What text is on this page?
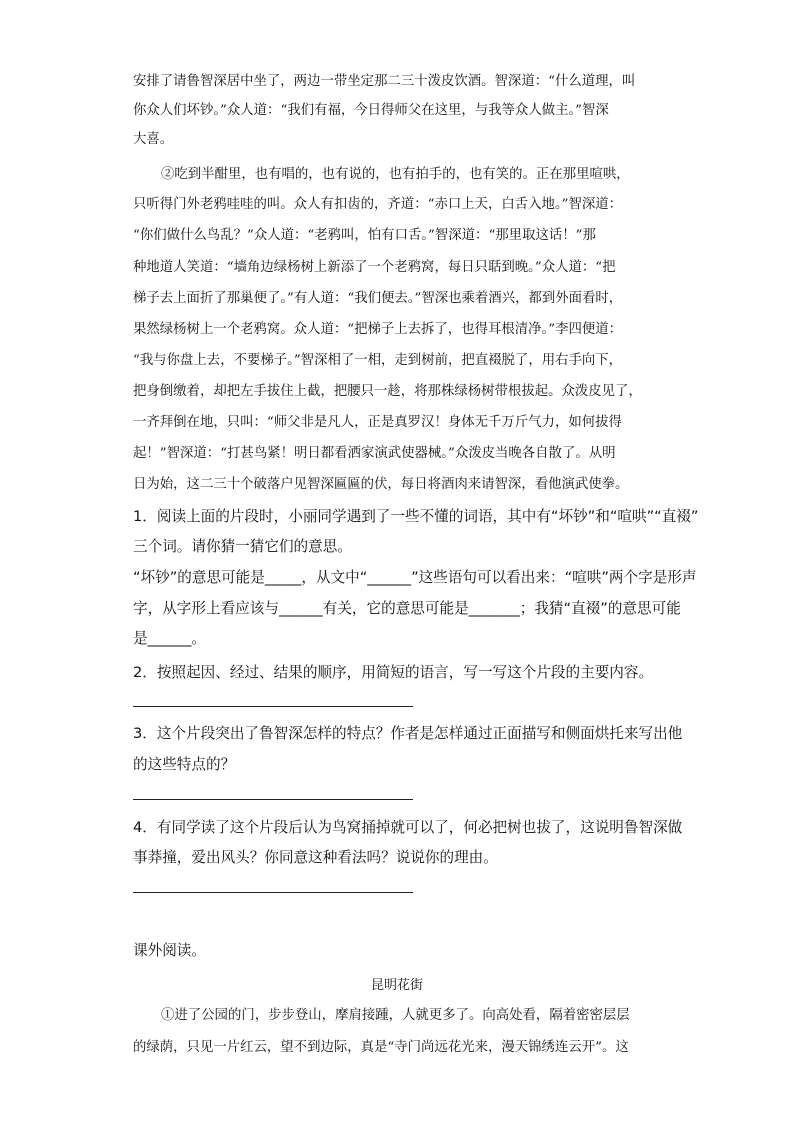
安排了请鲁智深居中坐了，两边一带坐定那二三十泼皮饮酒。智深道：“什么道理，叫
你众人们坏钞。”众人道：“我们有福，今日得师父在这里，与我等众人做主。”智深
大喜。
②吃到半酣里，也有唱的，也有说的，也有拍手的，也有笑的。正在那里喧哄，
只听得门外老鸦哇哇的叫。众人有扣齿的，齐道：“赤口上天，白舌入地。”智深道：
“你们做什么鸟乱？”众人道：“老鸦叫，怕有口舌。”智深道：“那里取这话！”那
种地道人笑道：“墙角边绿杨树上新添了一个老鸦窝，每日只聒到晚。”众人道：“把
梯子去上面折了那巢便了。”有人道：“我们便去。”智深也乘着酒兴，都到外面看时，
果然绿杨树上一个老鸦窝。众人道：“把梯子上去拆了，也得耳根清净。”李四便道：
“我与你盘上去，不要梯子。”智深相了一相，走到树前，把直裰脱了，用右手向下，
把身倒缴着，却把左手拔住上截，把腰只一趁，将那株绿杨树带根拔起。众泼皮见了，
一齐拜倒在地，只叫：“师父非是凡人，正是真罗汉！身体无千万斤气力，如何拔得
起！”智深道：“打甚鸟紧！明日都看洒家演武使器械。”众泼皮当晚各自散了。从明
日为始，这二三十个破落户见智深匾匾的伏，每日将酒肉来请智深，看他演武使拳。
1．阅读上面的片段时，小丽同学遇到了一些不懂的词语，其中有“坏钞”和“喧哄”“直裰”
三个词。请你猜一猜它们的意思。
“坏钞”的意思可能是_____，从文中“______”这些语句可以看出来：“喧哄”两个字是形声
字，从字形上看应该与______有关，它的意思可能是_______；我猜“直裰”的意思可能
是______。
2．按照起因、经过、结果的顺序，用简短的语言，写一写这个片段的主要内容。
3．这个片段突出了鲁智深怎样的特点？作者是怎样通过正面描写和侧面烘托来写出他
的这些特点的？
4．有同学读了这个片段后认为鸟窝捅掉就可以了，何必把树也拔了，这说明鲁智深做
事莽撞，爱出风头？你同意这种看法吗？说说你的理由。
课外阅读。
昆明花街
①进了公园的门，步步登山，摩肩接踵，人就更多了。向高处看，隔着密密层层
的绿荫，只见一片红云，望不到边际，真是“寺门尚远花光来，漫天锦绣连云开”。这
